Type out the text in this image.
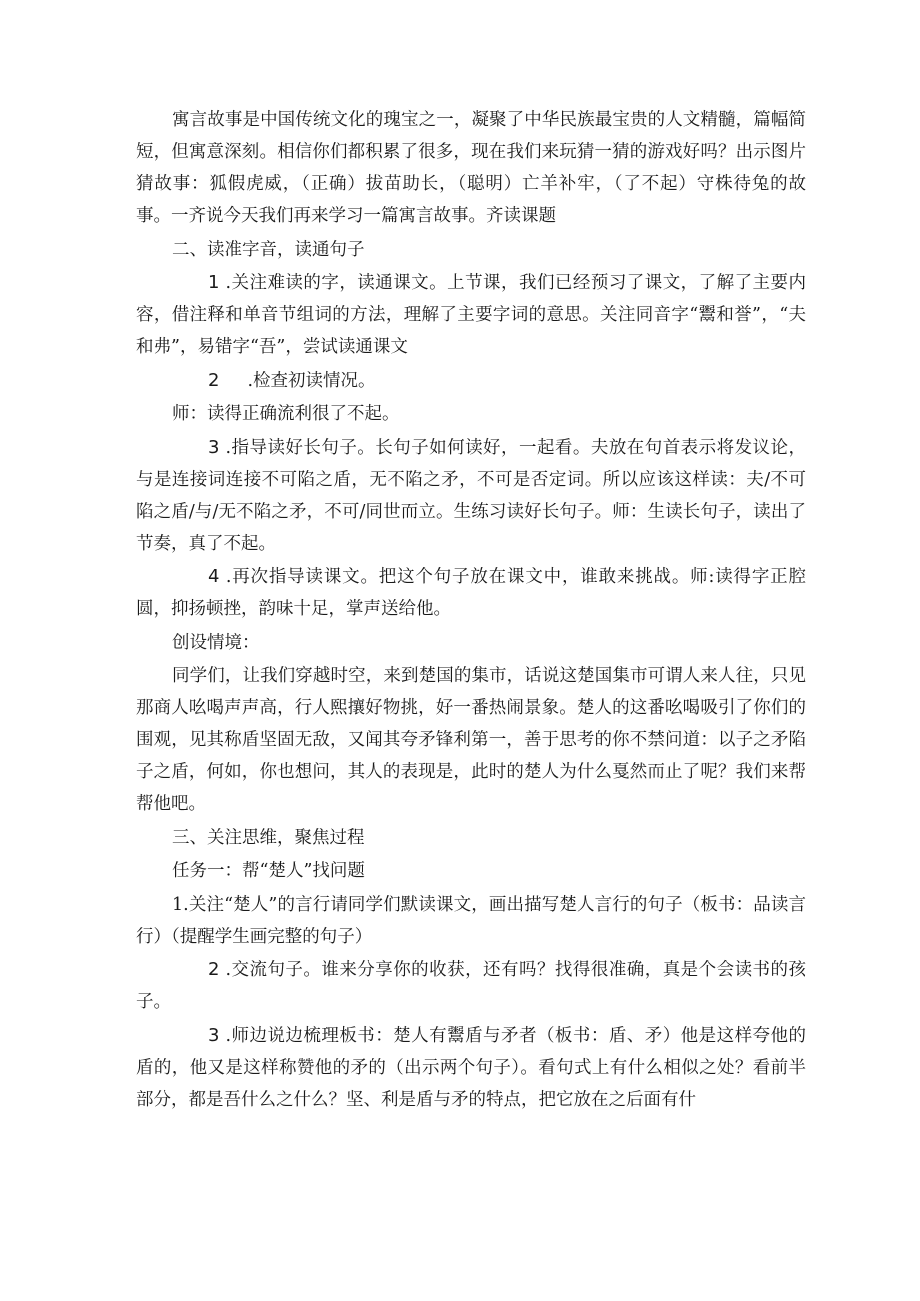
寓言故事是中国传统文化的瑰宝之一，凝聚了中华民族最宝贵的人文精髓，篇幅简短，但寓意深刻。相信你们都积累了很多，现在我们来玩猜一猜的游戏好吗？出示图片猜故事：狐假虎威，（正确）拔苗助长，（聪明）亡羊补牢，（了不起）守株待兔的故事。一齐说今天我们再来学习一篇寓言故事。齐读课题

二、读准字音，读通句子

1 .关注难读的字，读通课文。上节课，我们已经预习了课文，了解了主要内容，借注释和单音节组词的方法，理解了主要字词的意思。关注同音字“鬻和誉”，“夫和弗”，易错字“吾”，尝试读通课文

2 .检查初读情况。

师：读得正确流利很了不起。

3 .指导读好长句子。长句子如何读好，一起看。夫放在句首表示将发议论，与是连接词连接不可陷之盾，无不陷之矛，不可是否定词。所以应该这样读：夫/不可陷之盾/与/无不陷之矛，不可/同世而立。生练习读好长句子。师：生读长句子，读出了节奏，真了不起。

4 .再次指导读课文。把这个句子放在课文中，谁敢来挑战。师:读得字正腔圆，抑扬顿挫，韵味十足，掌声送给他。

创设情境：

同学们，让我们穿越时空，来到楚国的集市，话说这楚国集市可谓人来人往，只见那商人吆喝声声高，行人熙攘好物挑，好一番热闹景象。楚人的这番吆喝吸引了你们的围观，见其称盾坚固无敌，又闻其夸矛锋利第一，善于思考的你不禁问道：以子之矛陷子之盾，何如，你也想问，其人的表现是，此时的楚人为什么戛然而止了呢？我们来帮帮他吧。

三、关注思维，聚焦过程

任务一：帮“楚人”找问题

1.关注“楚人”的言行请同学们默读课文，画出描写楚人言行的句子（板书：品读言行）（提醒学生画完整的句子）

2 .交流句子。谁来分享你的收获，还有吗？找得很准确，真是个会读书的孩子。

3 .师边说边梳理板书：楚人有鬻盾与矛者（板书：盾、矛）他是这样夸他的盾的，他又是这样称赞他的矛的（出示两个句子）。看句式上有什么相似之处？看前半部分，都是吾什么之什么？坚、利是盾与矛的特点，把它放在之后面有什
